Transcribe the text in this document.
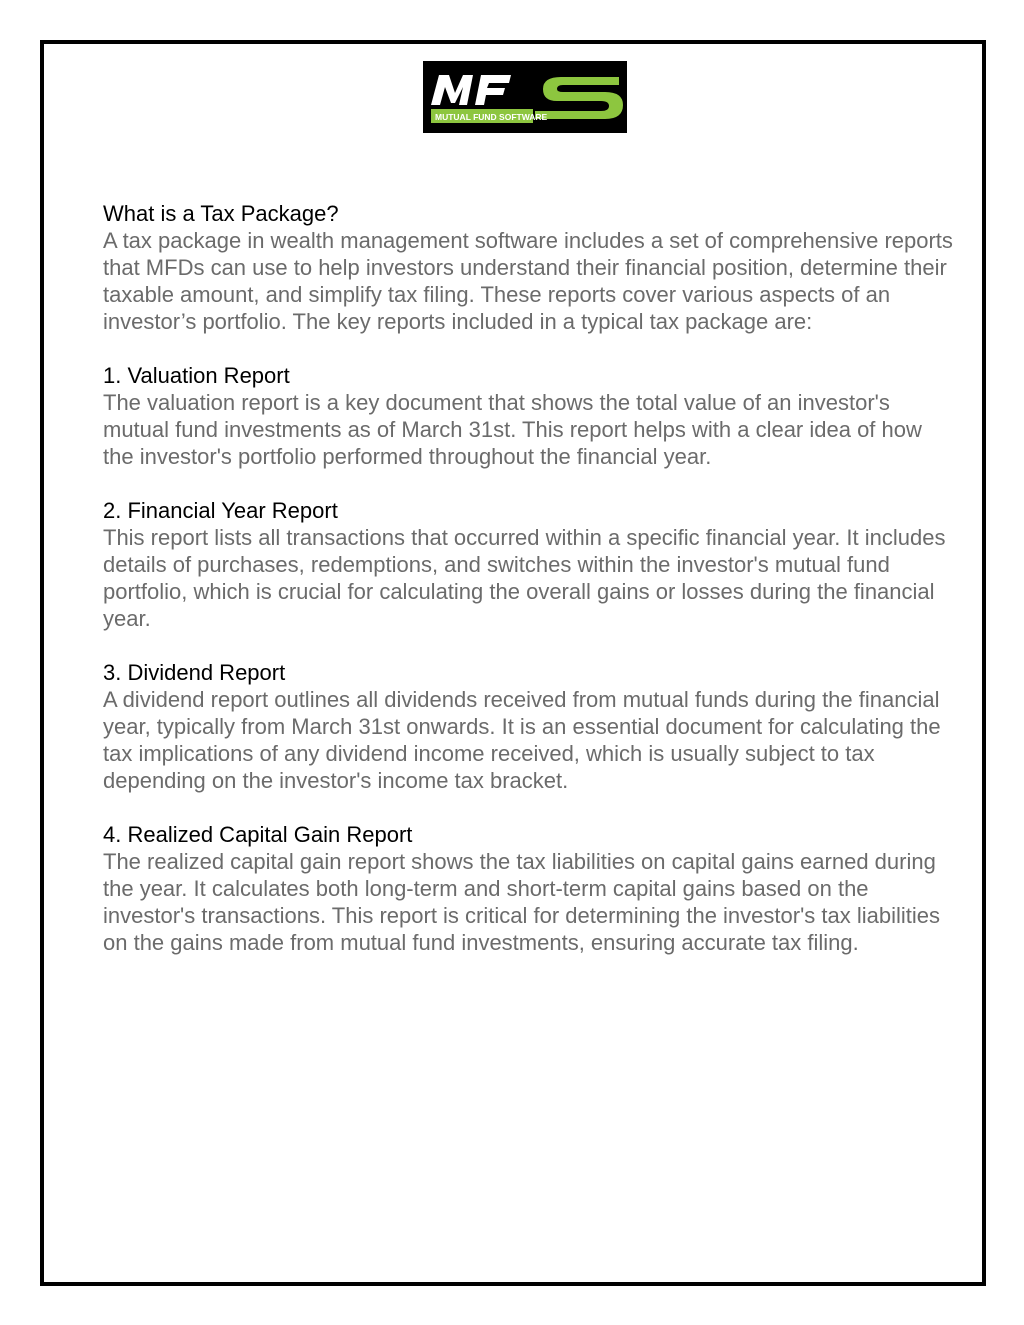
MUTUAL FUND SOFTWARE

What is a Tax Package?

A tax package in wealth management software includes a set of comprehensive reports that MFDs can use to help investors understand their financial position, determine their taxable amount, and simplify tax filing. These reports cover various aspects of an investor’s portfolio. The key reports included in a typical tax package are:

1. Valuation Report

The valuation report is a key document that shows the total value of an investor's mutual fund investments as of March 31st. This report helps with a clear idea of how the investor's portfolio performed throughout the financial year.

2. Financial Year Report

This report lists all transactions that occurred within a specific financial year. It includes details of purchases, redemptions, and switches within the investor's mutual fund portfolio, which is crucial for calculating the overall gains or losses during the financial year.

3. Dividend Report

A dividend report outlines all dividends received from mutual funds during the financial year, typically from March 31st onwards. It is an essential document for calculating the tax implications of any dividend income received, which is usually subject to tax depending on the investor's income tax bracket.

4. Realized Capital Gain Report

The realized capital gain report shows the tax liabilities on capital gains earned during the year. It calculates both long-term and short-term capital gains based on the investor's transactions. This report is critical for determining the investor's tax liabilities on the gains made from mutual fund investments, ensuring accurate tax filing.
